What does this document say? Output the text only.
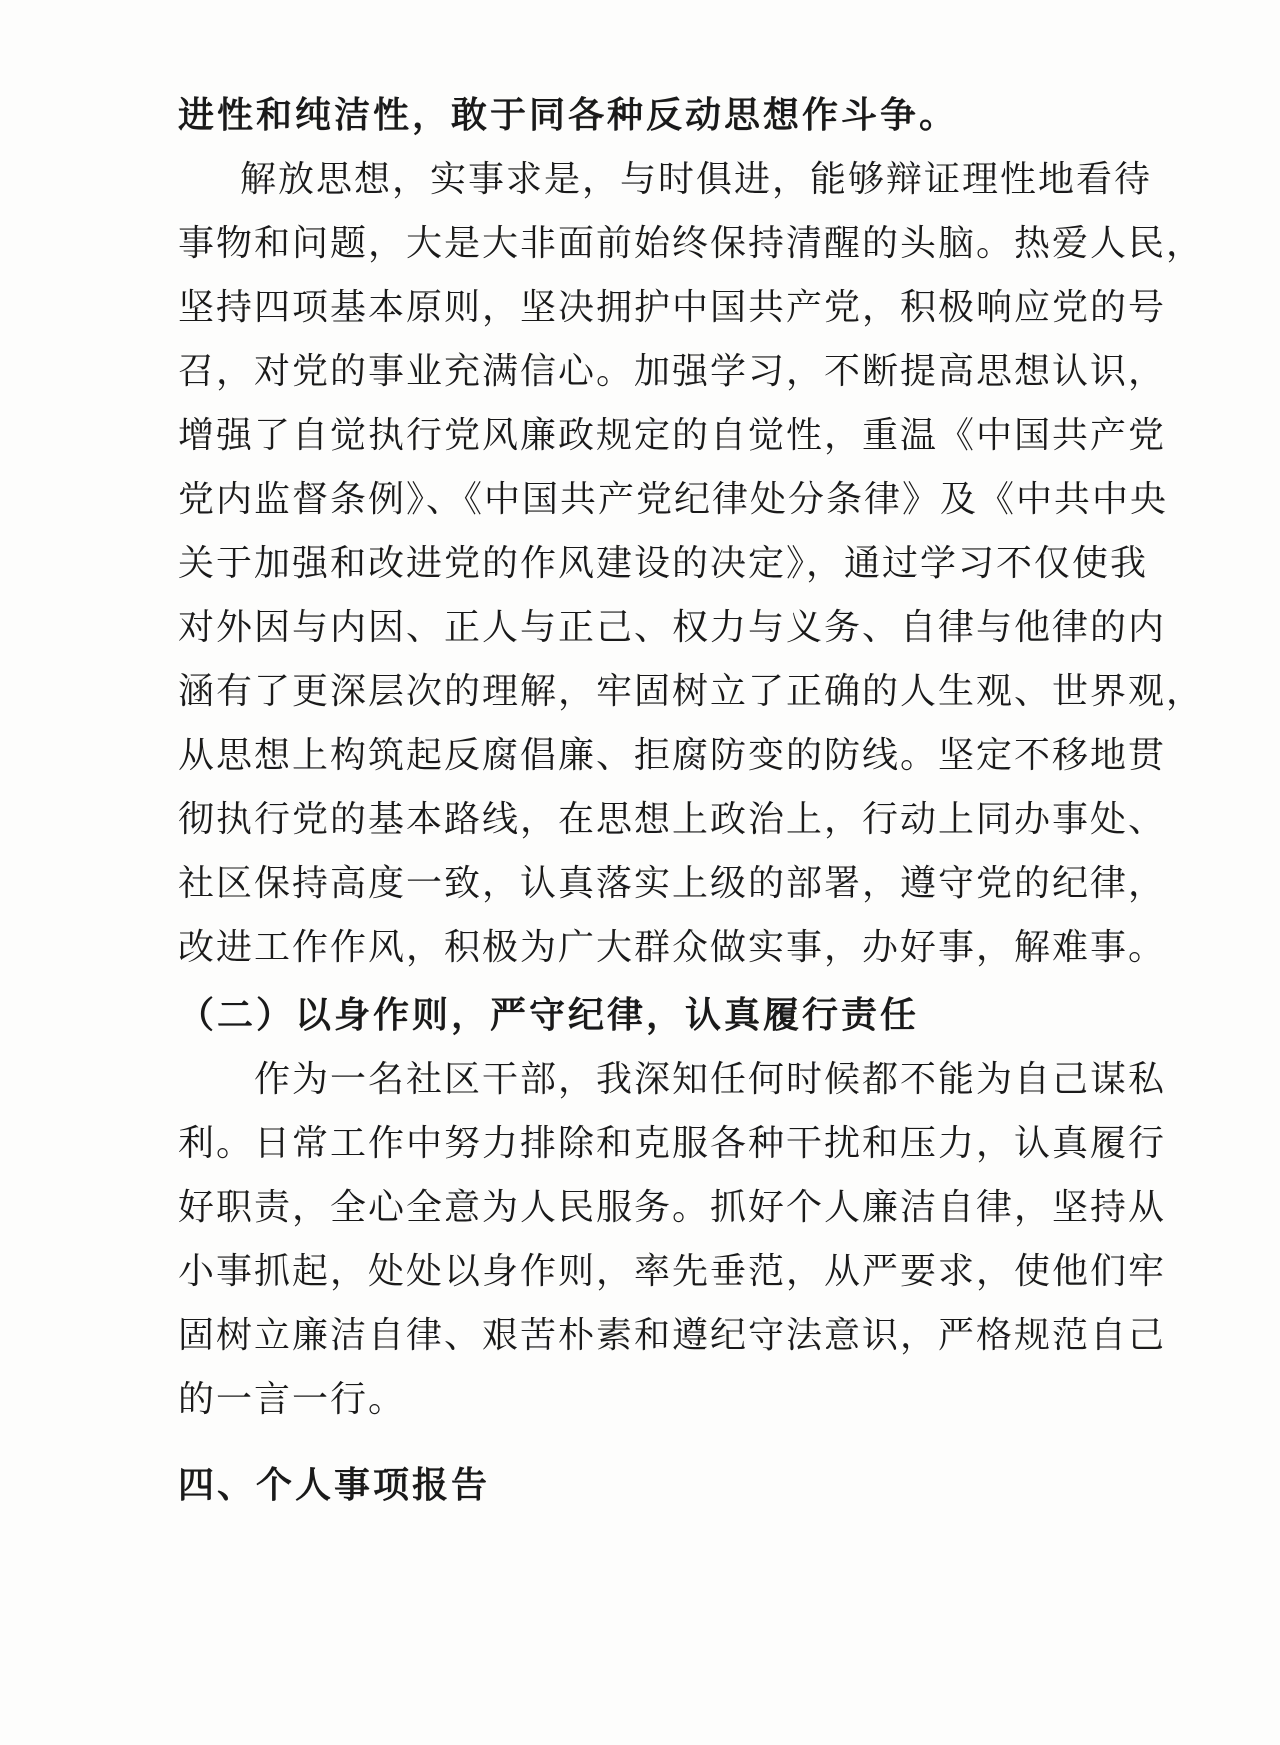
进性和纯洁性，敢于同各种反动思想作斗争。
解放思想，实事求是，与时俱进，能够辩证理性地看待
事物和问题，大是大非面前始终保持清醒的头脑。热爱人民，
坚持四项基本原则，坚决拥护中国共产党，积极响应党的号
召，对党的事业充满信心。加强学习，不断提高思想认识，
增强了自觉执行党风廉政规定的自觉性，重温《中国共产党
党内监督条例》、《中国共产党纪律处分条律》及《中共中央
关于加强和改进党的作风建设的决定》，通过学习不仅使我
对外因与内因、正人与正己、权力与义务、自律与他律的内
涵有了更深层次的理解，牢固树立了正确的人生观、世界观，
从思想上构筑起反腐倡廉、拒腐防变的防线。坚定不移地贯
彻执行党的基本路线，在思想上政治上，行动上同办事处、
社区保持高度一致，认真落实上级的部署，遵守党的纪律，
改进工作作风，积极为广大群众做实事，办好事，解难事。
（二）以身作则，严守纪律，认真履行责任
作为一名社区干部，我深知任何时候都不能为自己谋私
利。日常工作中努力排除和克服各种干扰和压力，认真履行
好职责，全心全意为人民服务。抓好个人廉洁自律，坚持从
小事抓起，处处以身作则，率先垂范，从严要求，使他们牢
固树立廉洁自律、艰苦朴素和遵纪守法意识，严格规范自己
的一言一行。
四、个人事项报告
